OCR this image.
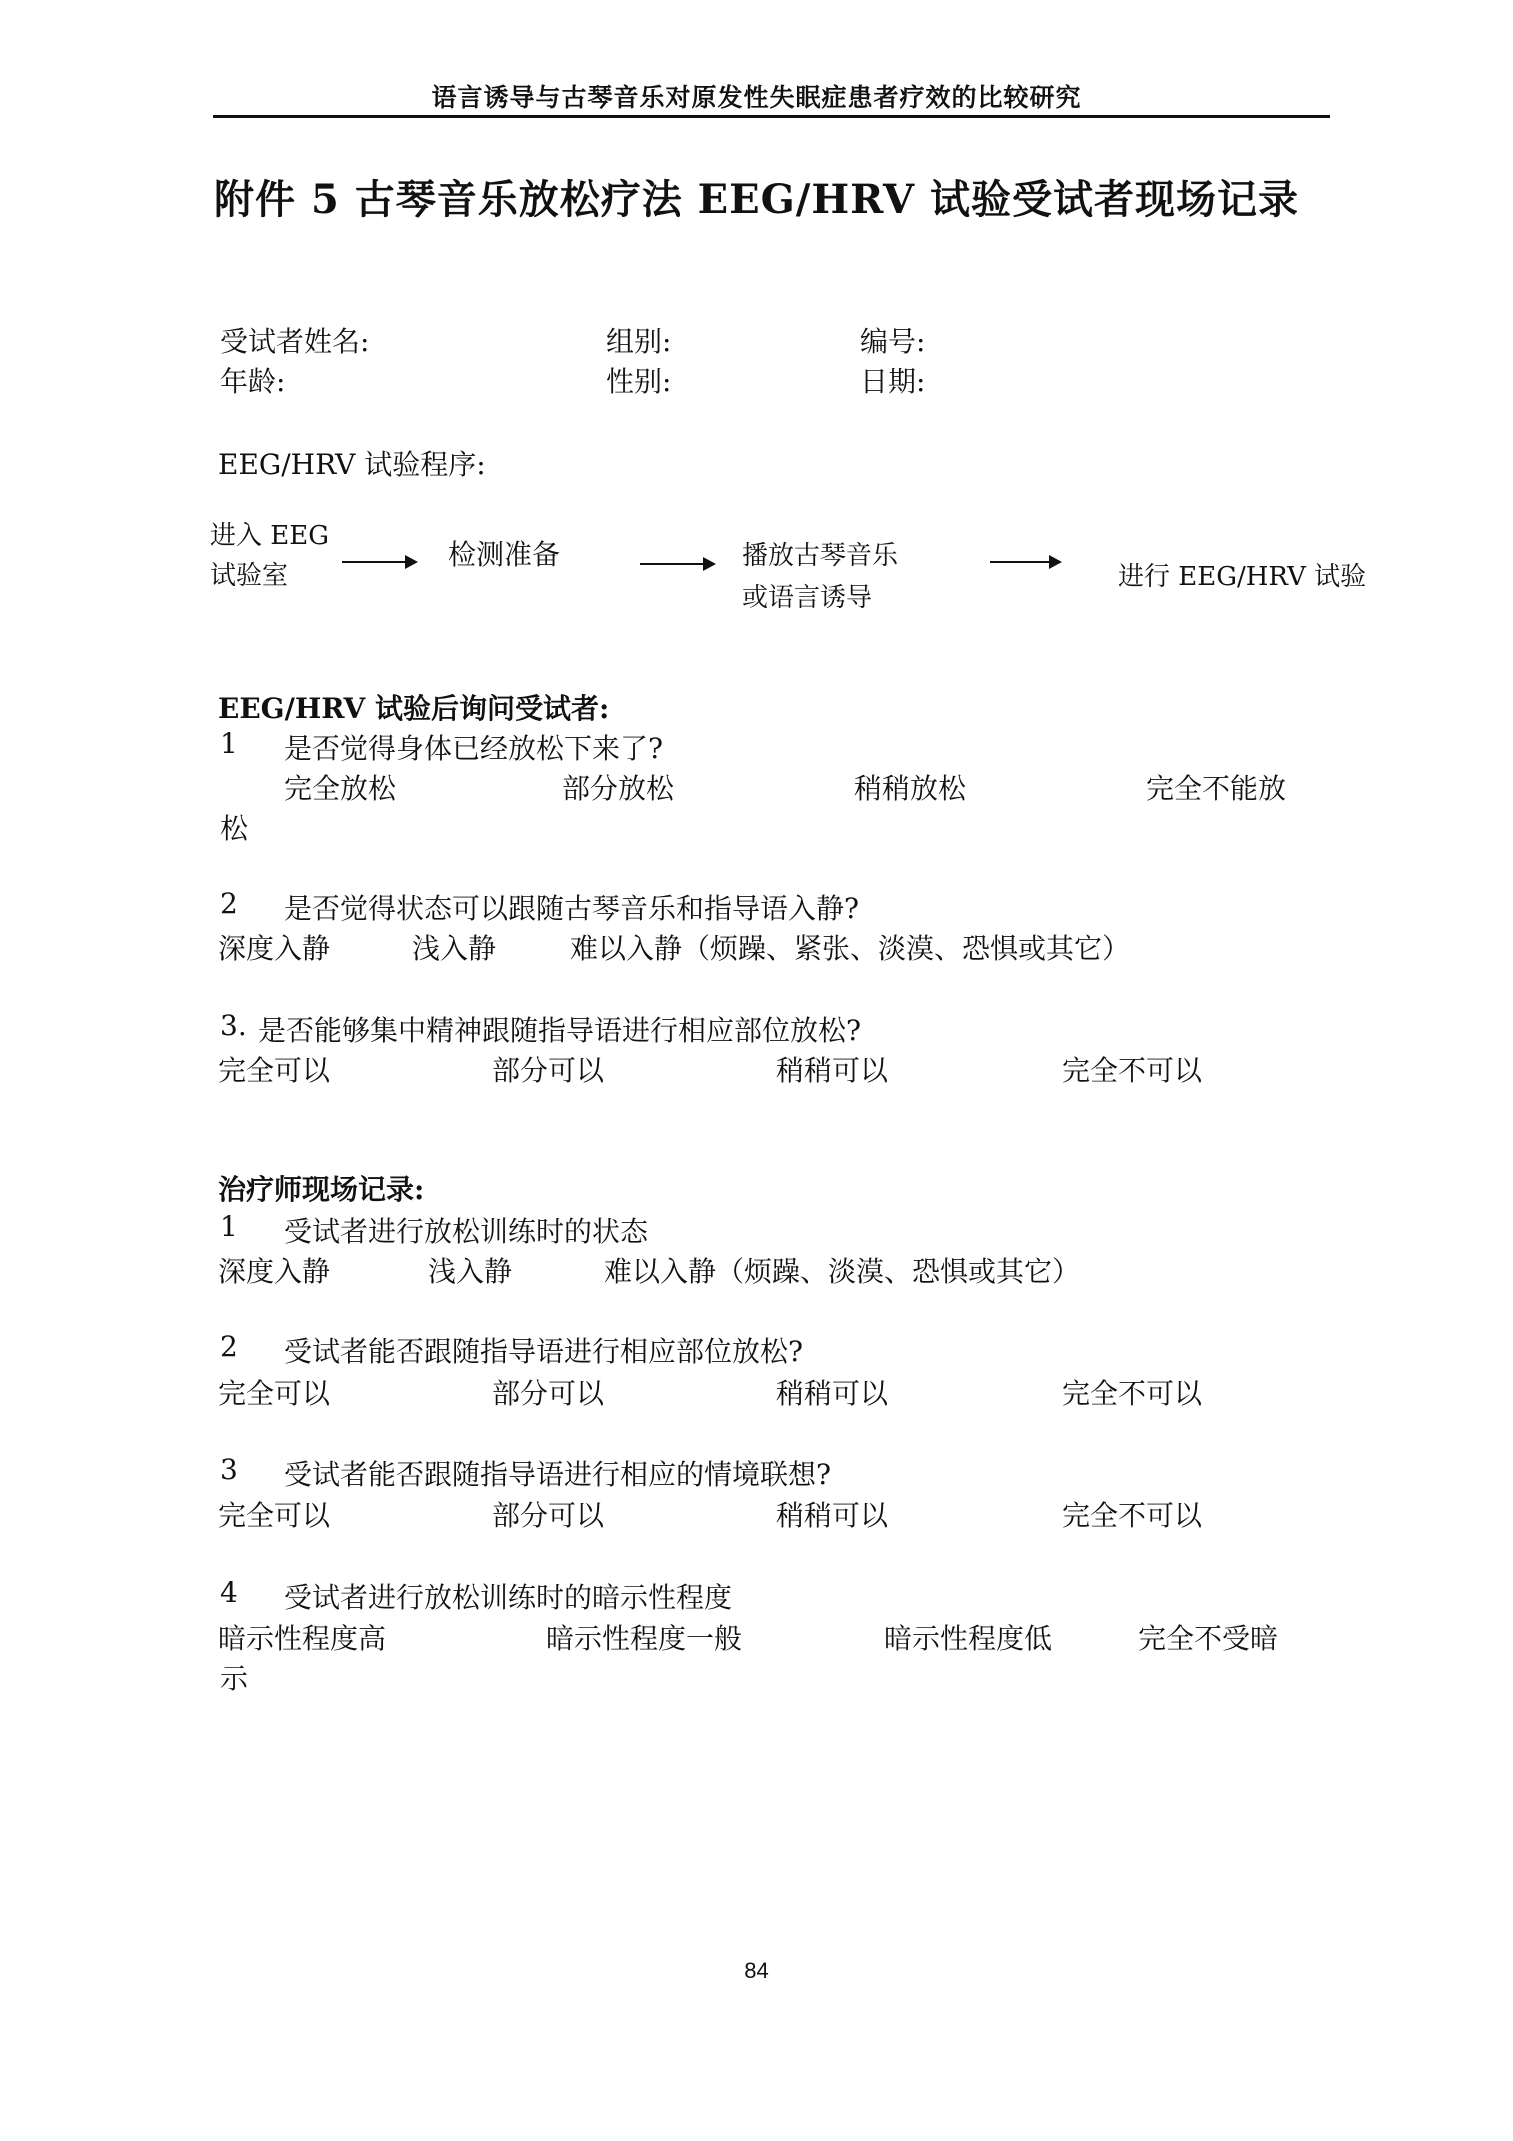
语言诱导与古琴音乐对原发性失眠症患者疗效的比较研究
附件 5 古琴音乐放松疗法 EEG/HRV 试验受试者现场记录
受试者姓名:	组别:	编号:
年龄:	性别:	日期:
EEG/HRV 试验程序:
进入 EEG
试验室
检测准备	播放古琴音乐
或语言诱导
进行 EEG/HRV 试验
EEG/HRV 试验后询问受试者:
1 是否觉得身体已经放松下来了?
完全放松	部分放松	稍稍放松	完全不能放
松
2 是否觉得状态可以跟随古琴音乐和指导语入静?
深度入静	浅入静	难以入静（烦躁、紧张、淡漠、恐惧或其它）
3. 是否能够集中精神跟随指导语进行相应部位放松?
完全可以	部分可以	稍稍可以	完全不可以
治疗师现场记录:
1 受试者进行放松训练时的状态
深度入静	浅入静	难以入静（烦躁、淡漠、恐惧或其它）
2 受试者能否跟随指导语进行相应部位放松?
完全可以	部分可以	稍稍可以	完全不可以
3 受试者能否跟随指导语进行相应的情境联想?
完全可以	部分可以	稍稍可以	完全不可以
4 受试者进行放松训练时的暗示性程度
暗示性程度高	暗示性程度一般	暗示性程度低	完全不受暗
示
84
